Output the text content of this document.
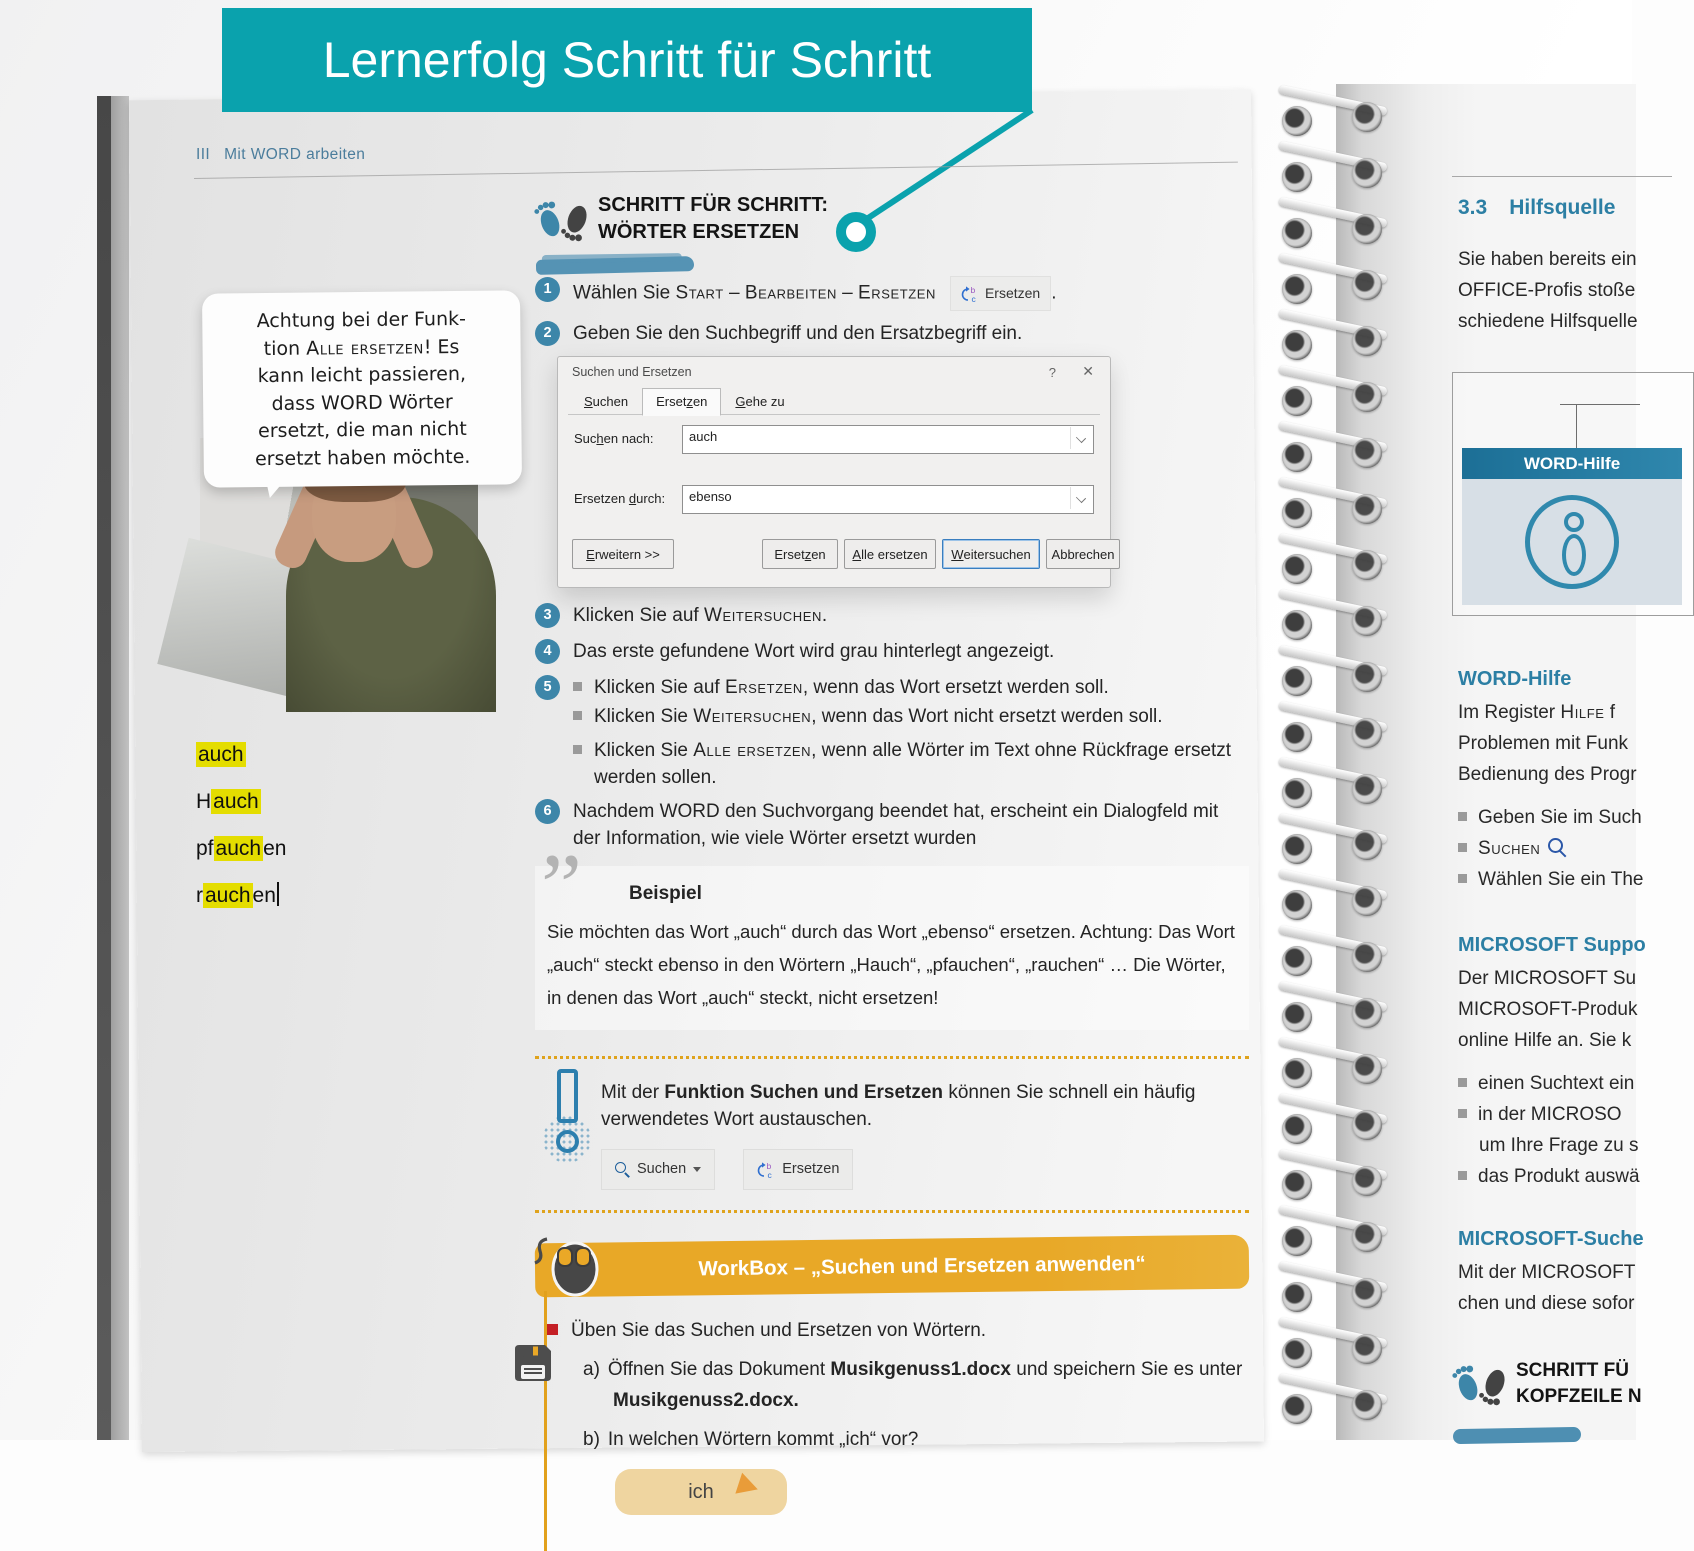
Lernerfolg Schritt für Schritt
III Mit WORD arbeiten
Achtung bei der Funk-
tion Alle ersetzen! Es
kann leicht passieren,
dass WORD Wörter
ersetzt, die man nicht
ersetzt haben möchte.
auch
Hauch
pfauchen
rauchen
SCHRITT FÜR SCHRITT:
WÖRTER ERSETZEN
1	Wählen Sie Start – Bearbeiten – Ersetzen	b
c Ersetzen .
2	Geben Sie den Suchbegriff und den Ersatzbegriff ein.
Suchen und Ersetzen	? ✕
Suchen	Ersetzen	Gehe zu
Suchen nach:	auch
Ersetzen durch:	ebenso
E rweitern >>	Erset z en A lle ersetzen W eitersuchen Abbrechen
3	Klicken Sie auf Weitersuchen.
4	Das erste gefundene Wort wird grau hinterlegt angezeigt.
5	Klicken Sie auf Ersetzen, wenn das Wort ersetzt werden soll.
Klicken Sie Weitersuchen, wenn das Wort nicht ersetzt werden soll.
Klicken Sie Alle ersetzen, wenn alle Wörter im Text ohne Rückfrage ersetzt werden sollen.
6	Nachdem WORD den Suchvorgang beendet hat, erscheint ein Dialogfeld mit der Information, wie viele Wörter ersetzt wurden
” Beispiel
Sie möchten das Wort „auch“ durch das Wort „ebenso“ ersetzen. Achtung: Das Wort „auch“ steckt ebenso in den Wörtern „Hauch“, „pfauchen“, „rauchen“ … Die Wörter, in denen das Wort „auch“ steckt, nicht ersetzen!
Mit der Funktion Suchen und Ersetzen können Sie schnell ein häufig verwendetes Wort austauschen.
Suchen	b
c Ersetzen
WorkBox – „Suchen und Ersetzen anwenden“
Üben Sie das Suchen und Ersetzen von Wörtern.
a) Öffnen Sie das Dokument Musikgenuss1.docx und speichern Sie es unter
Musikgenuss2.docx.
b) In welchen Wörtern kommt „ich“ vor?
ich
3.3 Hilfsquelle
Sie haben bereits ein
OFFICE-Profis stoße
schiedene Hilfsquelle
WORD-Hilfe
WORD-Hilfe
Im Register Hilfe f
Problemen mit Funk
Bedienung des Progr
Geben Sie im Such
Suchen
Wählen Sie ein The
MICROSOFT Suppo
Der MICROSOFT Su
MICROSOFT-Produk
online Hilfe an. Sie k
einen Suchtext ein
in der MICROSO
um Ihre Frage zu s
das Produkt auswä
MICROSOFT-Suche
Mit der MICROSOFT
chen und diese sofor
SCHRITT FÜ
KOPFZEILE N
